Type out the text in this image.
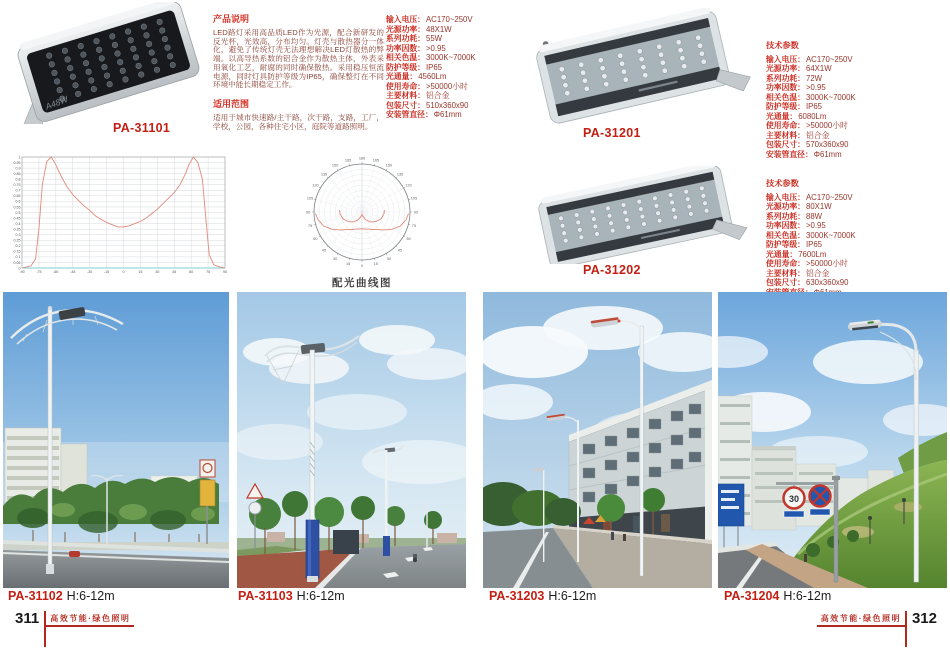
A48W
PA-31101
产品说明

LED路灯采用高品质LED作为光源，配合新研发的反光杯，光效高，分布均匀。灯壳与散热器分一体化，避免了传统灯壳无法理想解决LED灯散热的弊端。以高导热系数的铝合金作为散热主体，外表采用氧化工艺，耐腐的同时确保散热。采用稳压恒流电源，同时灯具防护等级为IP65，确保整灯在不同环境中能长期稳定工作。

适用范围

适用于城市快速路/主干路，次干路，支路，工厂，学校，公园，各种住宅小区，庭院等道路照明。

输入电压： AC170~250V
光源功率： 48X1W
系列功耗： 55W
功率因数： >0.95
相关色温： 3000K~7000K
防护等级： IP65
光通量： 4560Lm
使用寿命： >50000小时
主要材料： 铝合金
包装尺寸： 510x360x90
安装管直径： Φ61mm
PA-31201
技术参数
输入电压： AC170~250V
光源功率： 64X1W
系列功耗： 72W
功率因数： >0.95
相关色温： 3000K~7000K
防护等级： IP65
光通量： 6080Lm
使用寿命： >50000小时
主要材料： 铝合金
包装尺寸： 570x360x90
安装管直径： Φ61mm
PA-31202
技术参数
输入电压： AC170~250V
光源功率： 80X1W
系列功耗： 88W
功率因数： >0.95
相关色温： 3000K~7000K
防护等级： IP65
光通量： 7600Lm
使用寿命： >50000小时
主要材料： 铝合金
包装尺寸： 630x360x90
0
0.05
0.1
0.15
0.2
0.25
0.3
0.35
0.4
0.45
0.5
0.55
0.6
0.65
0.7
0.75
0.8
0.85
0.9
0.95
1
-90	-75	-60	-45	-30	-15	0	15	30	45	60	75	90
165
150
135
120
105
90
75
60
45
30
15	0	15
30
45
60
75
90
105
120
135
150
165
180
配光曲线图
30
PA-31102 H:6-12m	PA-31103 H:6-12m	PA-31203 H:6-12m	PA-31204 H:6-12m
311	高效节能·绿色照明	高效节能·绿色照明 312
